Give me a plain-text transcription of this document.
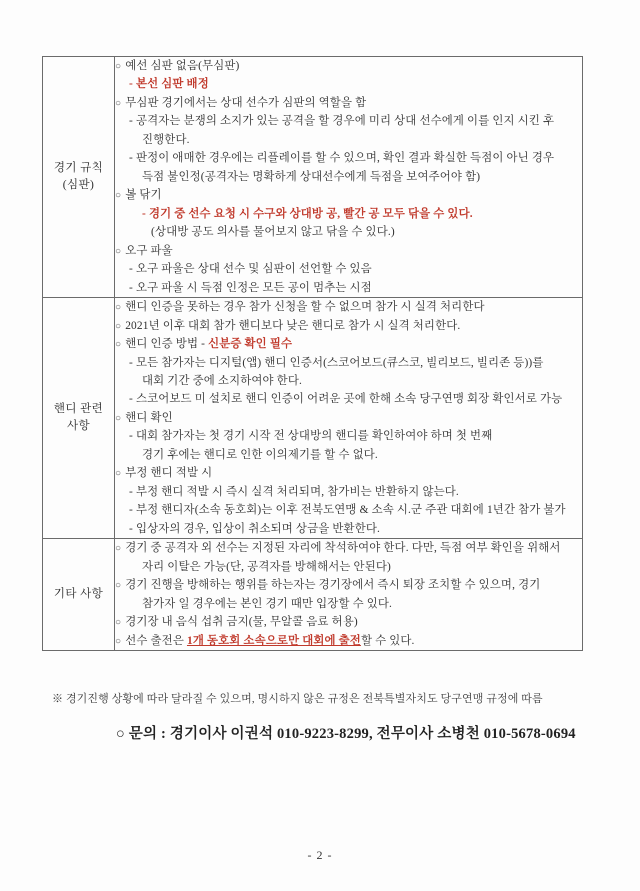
경기 규칙
(심판)

○ 예선 심판 없음(무심판)
- 본선 심판 배정
○ 무심판 경기에서는 상대 선수가 심판의 역할을 함
- 공격자는 분쟁의 소지가 있는 공격을 할 경우에 미리 상대 선수에게 이를 인지 시킨 후
진행한다.
- 판정이 애매한 경우에는 리플레이를 할 수 있으며, 확인 결과 확실한 득점이 아닌 경우
득점 불인정(공격자는 명확하게 상대선수에게 득점을 보여주어야 함)
○ 볼 닦기
- 경기 중 선수 요청 시 수구와 상대방 공, 빨간 공 모두 닦을 수 있다.
(상대방 공도 의사를 물어보지 않고 닦을 수 있다.)
○ 오구 파울
- 오구 파울은 상대 선수 및 심판이 선언할 수 있음
- 오구 파울 시 득점 인정은 모든 공이 멈추는 시점

핸디 관련
사항

○ 핸디 인증을 못하는 경우 참가 신청을 할 수 없으며 참가 시 실격 처리한다
○ 2021년 이후 대회 참가 핸디보다 낮은 핸디로 참가 시 실격 처리한다.
○ 핸디 인증 방법 - 신분증 확인 필수
- 모든 참가자는 디지털(앱) 핸디 인증서(스코어보드(큐스코, 빌리보드, 빌리존 등))를
대회 기간 중에 소지하여야 한다.
- 스코어보드 미 설치로 핸디 인증이 어려운 곳에 한해 소속 당구연맹 회장 확인서로 가능
○ 핸디 확인
- 대회 참가자는 첫 경기 시작 전 상대방의 핸디를 확인하여야 하며 첫 번째
경기 후에는 핸디로 인한 이의제기를 할 수 없다.
○ 부정 핸디 적발 시
- 부정 핸디 적발 시 즉시 실격 처리되며, 참가비는 반환하지 않는다.
- 부정 핸디자(소속 동호회)는 이후 전북도연맹 & 소속 시.군 주관 대회에 1년간 참가 불가
- 입상자의 경우, 입상이 취소되며 상금을 반환한다.

기타 사항

○ 경기 중 공격자 외 선수는 지정된 자리에 착석하여야 한다. 다만, 득점 여부 확인을 위해서
자리 이탈은 가능(단, 공격자를 방해해서는 안된다)
○ 경기 진행을 방해하는 행위를 하는자는 경기장에서 즉시 퇴장 조치할 수 있으며, 경기
참가자 일 경우에는 본인 경기 때만 입장할 수 있다.
○ 경기장 내 음식 섭취 금지(물, 무알콜 음료 허용)
○ 선수 출전은 1개 동호회 소속으로만 대회에 출전할 수 있다.
※ 경기진행 상황에 따라 달라질 수 있으며, 명시하지 않은 규정은 전북특별자치도 당구연맹 규정에 따름
○ 문의 : 경기이사 이권석 010-9223-8299, 전무이사 소병천 010-5678-0694
- 2 -
